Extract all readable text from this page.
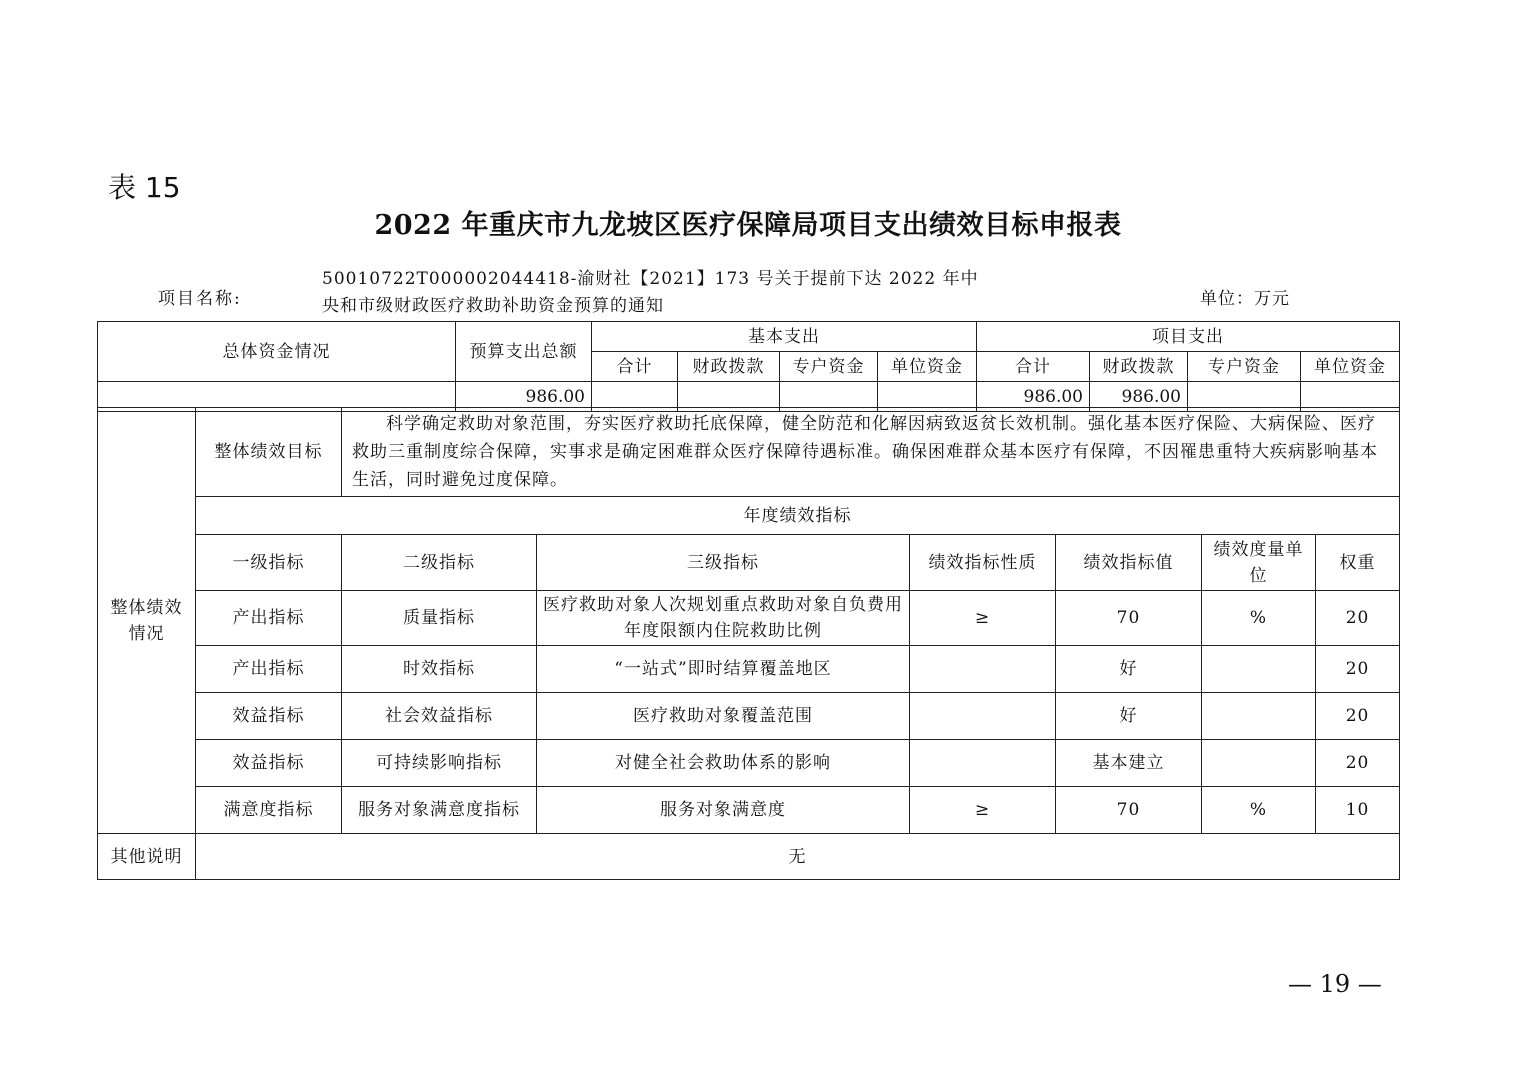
表 15
2022 年重庆市九龙坡区医疗保障局项目支出绩效目标申报表
项目名称:
50010722T000002044418-渝财社【2021】173 号关于提前下达 2022 年中央和市级财政医疗救助补助资金预算的通知	单位：万元
总体资金情况	预算支出总额	基本支出				项目支出			
		合计	财政拨款	专户资金	单位资金	合计	财政拨款	专户资金	单位资金
	986.00					986.00	986.00		
整体绩效情况	整体绩效目标	科学确定救助对象范围，夯实医疗救助托底保障，健全防范和化解因病致返贫长效机制。强化基本医疗保险、大病保险、医疗救助三重制度综合保障，实事求是确定困难群众医疗保障待遇标准。确保困难群众基本医疗有保障，不因罹患重特大疾病影响基本生活，同时避免过度保障。					
	年度绩效指标						
	一级指标	二级指标	三级指标	绩效指标性质	绩效指标值	绩效度量单位	权重
	产出指标	质量指标	医疗救助对象人次规划重点救助对象自负费用年度限额内住院救助比例	≥	70	%	20
	产出指标	时效指标	“一站式”即时结算覆盖地区		好		20
	效益指标	社会效益指标	医疗救助对象覆盖范围		好		20
	效益指标	可持续影响指标	对健全社会救助体系的影响		基本建立		20
	满意度指标	服务对象满意度指标	服务对象满意度	≥	70	%	10
其他说明	无						
— 19 —
